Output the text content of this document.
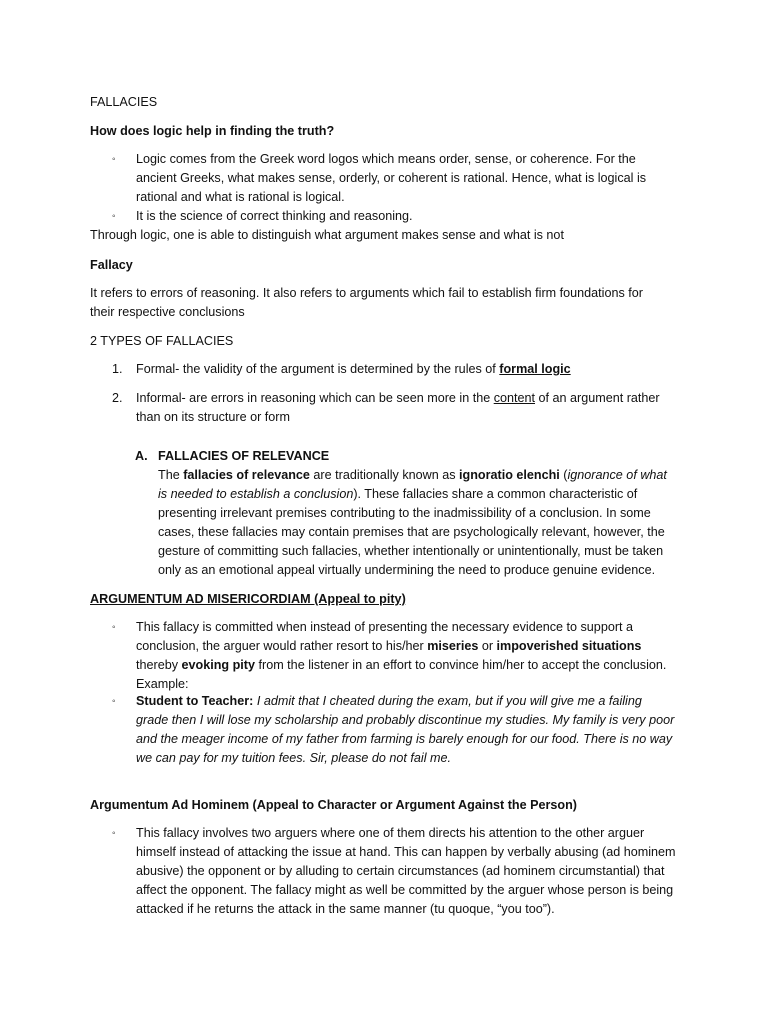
FALLACIES

How does logic help in finding the truth?

◦ Logic comes from the Greek word logos which means order, sense, or coherence. For the ancient Greeks, what makes sense, orderly, or coherent is rational. Hence, what is logical is rational and what is rational is logical.
◦ It is the science of correct thinking and reasoning.

Through logic, one is able to distinguish what argument makes sense and what is not

Fallacy

It refers to errors of reasoning. It also refers to arguments which fail to establish firm foundations for their respective conclusions

2 TYPES OF FALLACIES

1. Formal- the validity of the argument is determined by the rules of formal logic
2. Informal- are errors in reasoning which can be seen more in the content of an argument rather than on its structure or form
A. FALLACIES OF RELEVANCE
The fallacies of relevance are traditionally known as ignoratio elenchi (ignorance of what is needed to establish a conclusion). These fallacies share a common characteristic of presenting irrelevant premises contributing to the inadmissibility of a conclusion. In some cases, these fallacies may contain premises that are psychologically relevant, however, the gesture of committing such fallacies, whether intentionally or unintentionally, must be taken only as an emotional appeal virtually undermining the need to produce genuine evidence.

ARGUMENTUM AD MISERICORDIAM (Appeal to pity)

◦ This fallacy is committed when instead of presenting the necessary evidence to support a conclusion, the arguer would rather resort to his/her miseries or impoverished situations thereby evoking pity from the listener in an effort to convince him/her to accept the conclusion. Example:
◦ Student to Teacher: I admit that I cheated during the exam, but if you will give me a failing grade then I will lose my scholarship and probably discontinue my studies. My family is very poor and the meager income of my father from farming is barely enough for our food. There is no way we can pay for my tuition fees. Sir, please do not fail me.

Argumentum Ad Hominem (Appeal to Character or Argument Against the Person)

◦ This fallacy involves two arguers where one of them directs his attention to the other arguer himself instead of attacking the issue at hand. This can happen by verbally abusing (ad hominem abusive) the opponent or by alluding to certain circumstances (ad hominem circumstantial) that affect the opponent. The fallacy might as well be committed by the arguer whose person is being attacked if he returns the attack in the same manner (tu quoque, “you too”).
